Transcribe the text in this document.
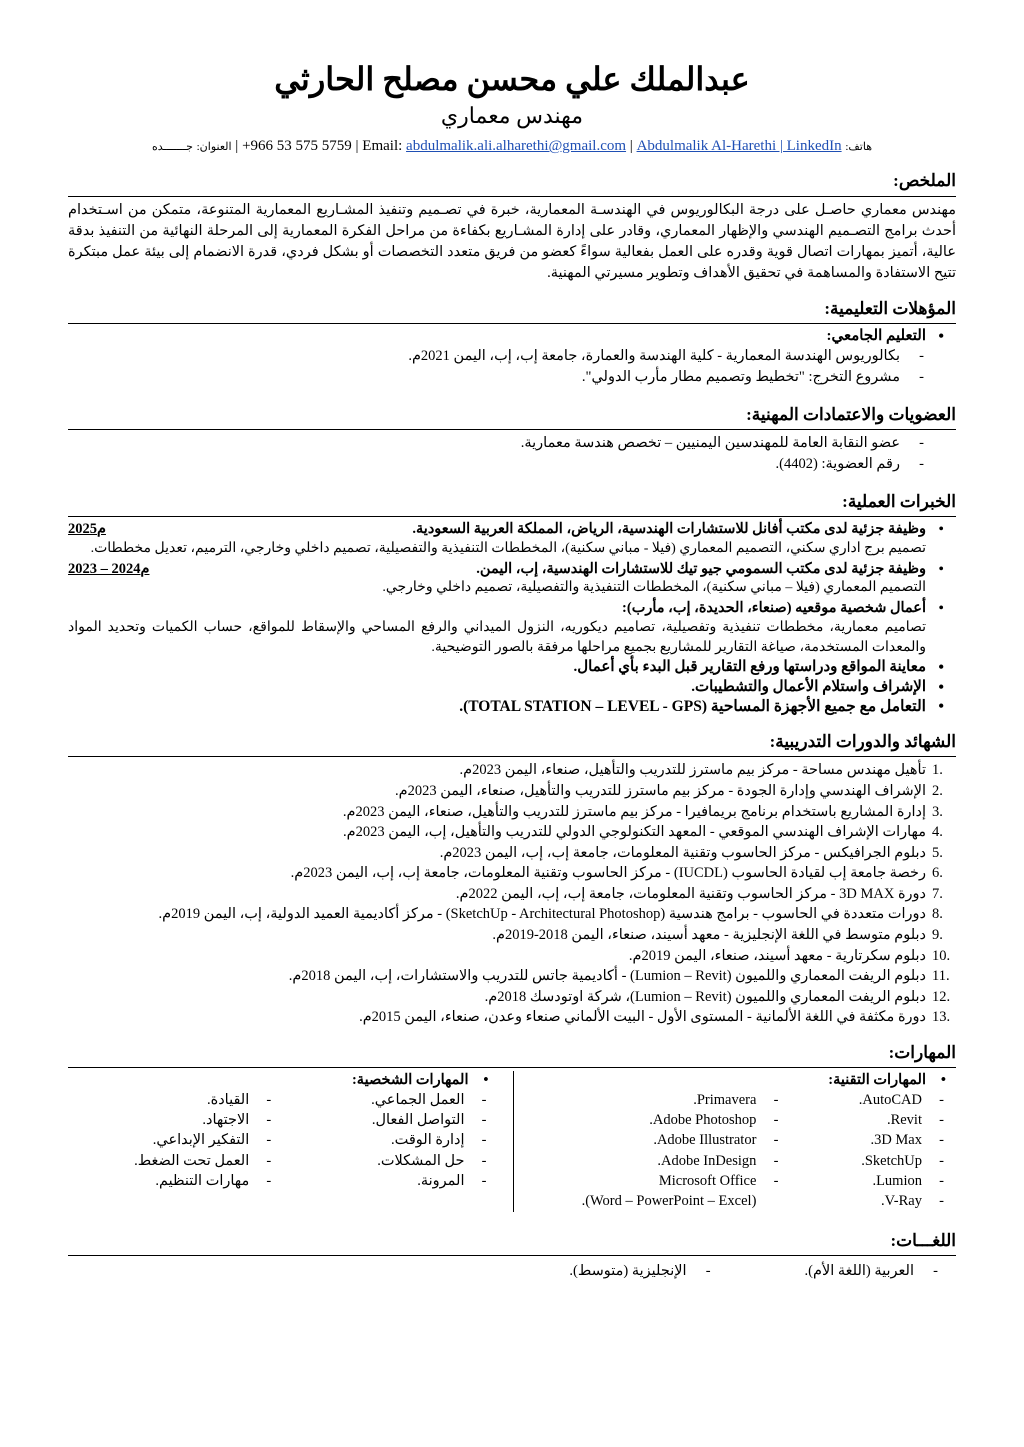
عبدالملك علي محسن مصلح الحارثي
مهندس معماري
هاتف: +966 53 575 5759 | Email: abdulmalik.ali.alharethi@gmail.com | Abdulmalik Al-Harethi | LinkedIn | العنوان: جـــــــده
الملخص:

مهندس معماري حاصـل على درجة البكالوريوس في الهندسـة المعمارية، خبرة في تصـميم وتنفيذ المشـاريع المعمارية المتنوعة، متمكن من اسـتخدام أحدث برامج التصـميم الهندسي والإظهار المعماري، وقادر على إدارة المشـاريع بكفاءة من مراحل الفكرة المعمارية إلى المرحلة النهائية من التنفيذ بدقة عالية، أتميز بمهارات اتصال قوية وقدره على العمل بفعالية سواءً كعضو من فريق متعدد التخصصات أو بشكل فردي، قدرة الانضمام إلى بيئة عمل مبتكرة تتيح الاستفادة والمساهمة في تحقيق الأهداف وتطوير مسيرتي المهنية.

المؤهلات التعليمية:
• التعليم الجامعي:
- بكالوريوس الهندسة المعمارية - كلية الهندسة والعمارة، جامعة إب، إب، اليمن 2021م.
- مشروع التخرج: "تخطيط وتصميم مطار مأرب الدولي".
العضويات والاعتمادات المهنية:
- عضو النقابة العامة للمهندسين اليمنيين – تخصص هندسة معمارية.
- رقم العضوية: (4402).
الخبرات العملية:
• وظيفة جزئية لدى مكتب أفانل للاستشارات الهندسية، الرياض، المملكة العربية السعودية.
2025م
تصميم برج اداري سكني، التصميم المعماري (فيلا - مباني سكنية)، المخططات التنفيذية والتفصيلية، تصميم داخلي وخارجي، الترميم، تعديل مخططات.
• وظيفة جزئية لدى مكتب السمومي جيو تيك للاستشارات الهندسية، إب، اليمن.
2023 – 2024م
التصميم المعماري (فيلا – مباني سكنية)، المخططات التنفيذية والتفصيلية، تصميم داخلي وخارجي.
• أعمال شخصية موقعيه (صنعاء، الحديدة، إب، مأرب):
تصاميم معمارية، مخططات تنفيذية وتفصيلية، تصاميم ديكوريه، النزول الميداني والرفع المساحي والإسقاط للمواقع، حساب الكميات وتحديد المواد والمعدات المستخدمة، صياغة التقارير للمشاريع بجميع مراحلها مرفقة بالصور التوضيحية.
• معاينة المواقع ودراستها ورفع التقارير قبل البدء بأي أعمال.
• الإشراف واستلام الأعمال والتشطيبات.
• التعامل مع جميع الأجهزة المساحية (TOTAL STATION – LEVEL - GPS).
الشهائد والدورات التدريبية:
1.
تأهيل مهندس مساحة - مركز بيم ماسترز للتدريب والتأهيل، صنعاء، اليمن 2023م.
2.
الإشراف الهندسي وإدارة الجودة - مركز بيم ماسترز للتدريب والتأهيل، صنعاء، اليمن 2023م.
3.
إدارة المشاريع باستخدام برنامج بريمافيرا - مركز بيم ماسترز للتدريب والتأهيل، صنعاء، اليمن 2023م.
4.
مهارات الإشراف الهندسي الموقعي - المعهد التكنولوجي الدولي للتدريب والتأهيل، إب، اليمن 2023م.
5.
دبلوم الجرافيكس - مركز الحاسوب وتقنية المعلومات، جامعة إب، إب، اليمن 2023م.
6.
رخصة جامعة إب لقيادة الحاسوب (IUCDL) - مركز الحاسوب وتقنية المعلومات، جامعة إب، إب، اليمن 2023م.
7.
دورة 3D MAX - مركز الحاسوب وتقنية المعلومات، جامعة إب، إب، اليمن 2022م.
8.
دورات متعددة في الحاسوب - برامج هندسية (SketchUp - Architectural Photoshop) - مركز أكاديمية العميد الدولية، إب، اليمن 2019م.
9.
دبلوم متوسط في اللغة الإنجليزية - معهد أسيند، صنعاء، اليمن 2018-2019م.
10.
دبلوم سكرتارية - معهد أسيند، صنعاء، اليمن 2019م.
11.
دبلوم الريفت المعماري واللميون (Lumion – Revit) - أكاديمية جاتس للتدريب والاستشارات، إب، اليمن 2018م.
12.
دبلوم الريفت المعماري واللميون (Lumion – Revit)، شركة اوتودسك 2018م.
13.
دورة مكثفة في اللغة الألمانية - المستوى الأول - البيت الألماني صنعاء وعدن، صنعاء، اليمن 2015م.
المهارات:
• المهارات التقنية:
- AutoCAD.
- Revit.
- 3D Max.
- SketchUp.
- Lumion.
- V-Ray.
- Primavera.
- Adobe Photoshop.
- Adobe Illustrator.
- Adobe InDesign.
- Microsoft Office
(Word – PowerPoint – Excel).
• المهارات الشخصية:
- العمل الجماعي.
- التواصل الفعال.
- إدارة الوقت.
- حل المشكلات.
- المرونة.
- القيادة.
- الاجتهاد.
- التفكير الإبداعي.
- العمل تحت الضغط.
- مهارات التنظيم.
اللغـــات:
- العربية (اللغة الأم).
- الإنجليزية (متوسط).
